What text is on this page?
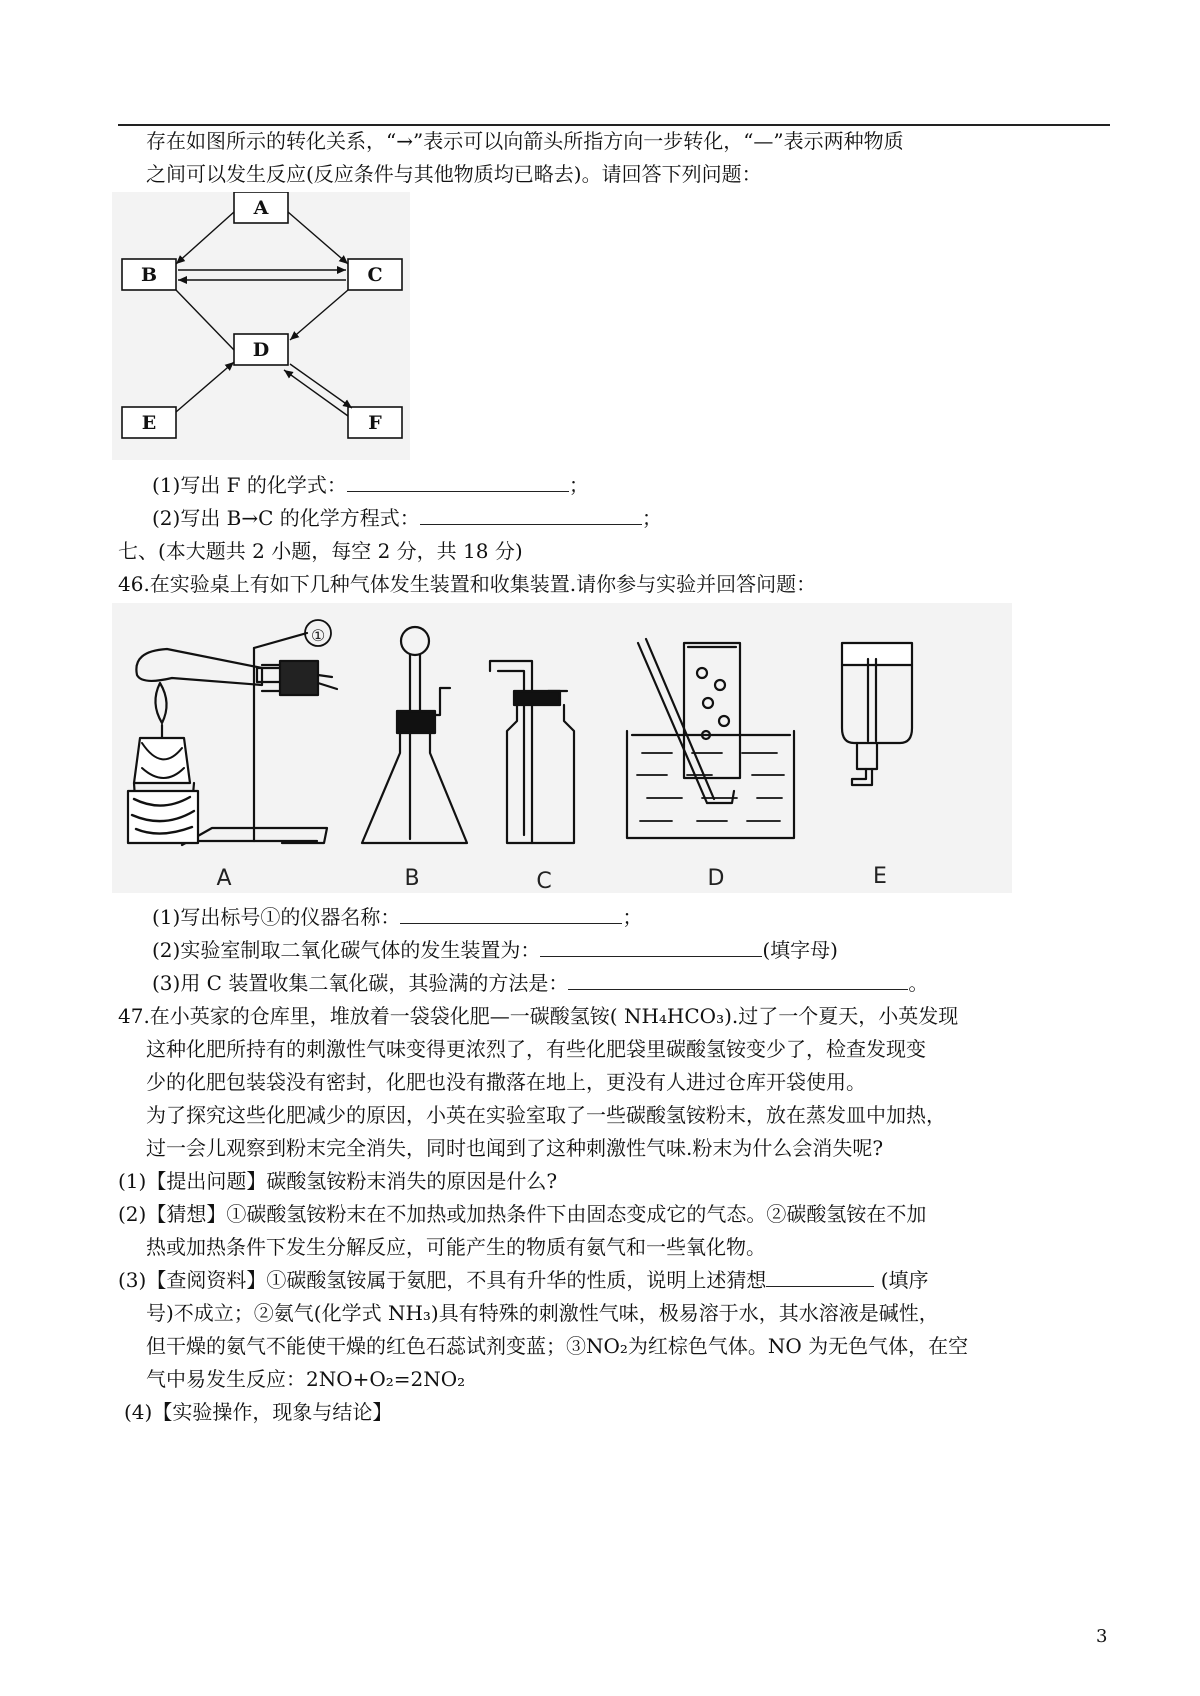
存在如图所示的转化关系，“→”表示可以向箭头所指方向一步转化，“—”表示两种物质
之间可以发生反应(反应条件与其他物质均已略去)。请回答下列问题：
A
B	C
D
E	F
(1)写出 F 的化学式：	；
(2)写出 B→C 的化学方程式：	；
七、(本大题共 2 小题，每空 2 分，共 18 分)
46.在实验桌上有如下几种气体发生装置和收集装置.请你参与实验并回答问题：
①
A	B	C	D	E
(1)写出标号①的仪器名称：	；
(2)实验室制取二氧化碳气体的发生装置为：	(填字母)
(3)用 C 装置收集二氧化碳，其验满的方法是：	。
47.在小英家的仓库里，堆放着一袋袋化肥—一碳酸氢铵( NH₄HCO₃).过了一个夏天，小英发现
这种化肥所持有的刺激性气味变得更浓烈了，有些化肥袋里碳酸氢铵变少了，检查发现变
少的化肥包装袋没有密封，化肥也没有撒落在地上，更没有人进过仓库开袋使用。
为了探究这些化肥减少的原因，小英在实验室取了一些碳酸氢铵粉末，放在蒸发皿中加热，
过一会儿观察到粉末完全消失，同时也闻到了这种刺激性气味.粉末为什么会消失呢?
(1)【提出问题】碳酸氢铵粉末消失的原因是什么?
(2)【猜想】①碳酸氢铵粉末在不加热或加热条件下由固态变成它的气态。②碳酸氢铵在不加
热或加热条件下发生分解反应，可能产生的物质有氨气和一些氧化物。
(3)【查阅资料】①碳酸氢铵属于氨肥，不具有升华的性质，说明上述猜想	(填序
号)不成立；②氨气(化学式 NH₃)具有特殊的刺激性气味，极易溶于水，其水溶液是碱性，
但干燥的氨气不能使干燥的红色石蕊试剂变蓝；③NO₂为红棕色气体。NO 为无色气体，在空
气中易发生反应：2NO+O₂=2NO₂
(4)【实验操作，现象与结论】
3
